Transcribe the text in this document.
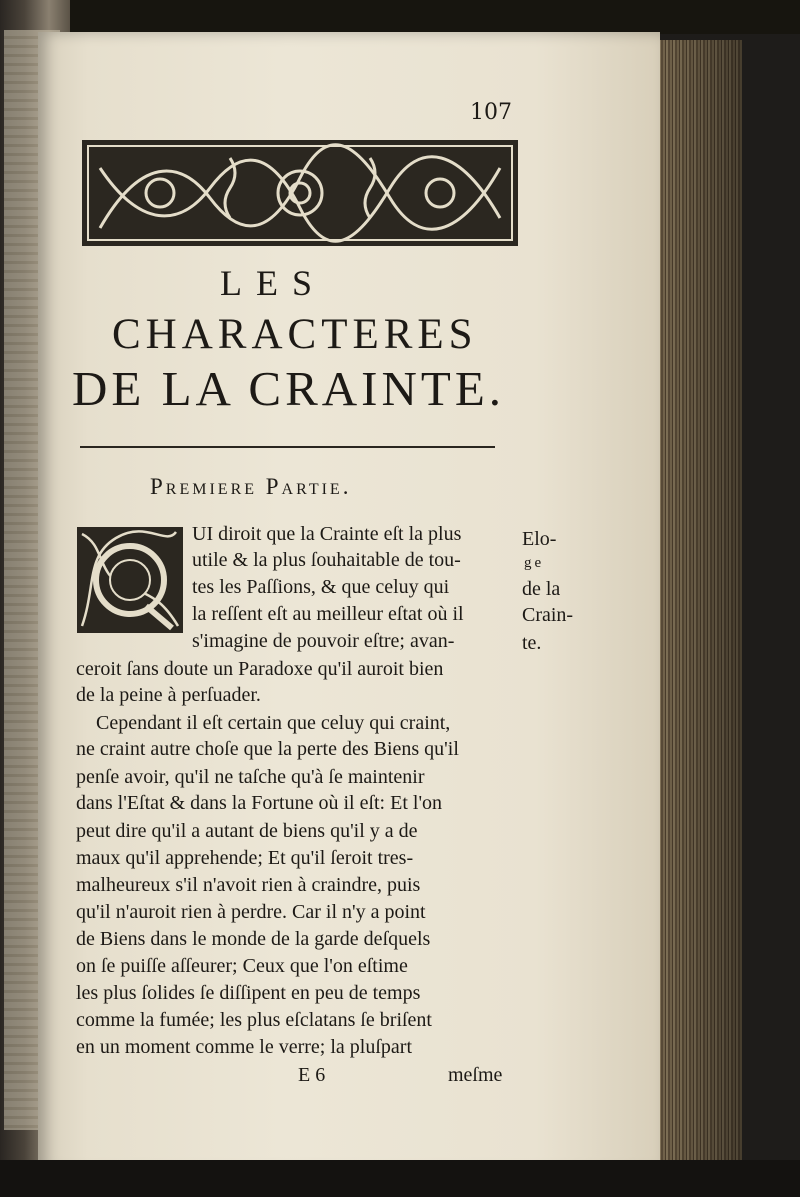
107
LES
CHARACTERES
DE LA CRAINTE.
Premiere Partie.
UI diroit que la Crainte eſt la plus
utile & la plus ſouhaitable de tou-
tes les Paſſions, & que celuy qui
la reſſent eſt au meilleur eſtat où il
s'imagine de pouvoir eſtre; avan-
ceroit ſans doute un Paradoxe qu'il auroit bien
de la peine à perſuader.
Cependant il eſt certain que celuy qui craint,
ne craint autre choſe que la perte des Biens qu'il
penſe avoir, qu'il ne taſche qu'à ſe maintenir
dans l'Eſtat & dans la Fortune où il eſt: Et l'on
peut dire qu'il a autant de biens qu'il y a de
maux qu'il apprehende; Et qu'il ſeroit tres-
malheureux s'il n'avoit rien à craindre, puis
qu'il n'auroit rien à perdre. Car il n'y a point
de Biens dans le monde de la garde deſquels
on ſe puiſſe aſſeurer; Ceux que l'on eſtime
les plus ſolides ſe diſſipent en peu de temps
comme la fumée; les plus eſclatans ſe briſent
en un moment comme le verre; la pluſpart
Elo-
ge
de la
Crain-
te.
E 6	meſme
